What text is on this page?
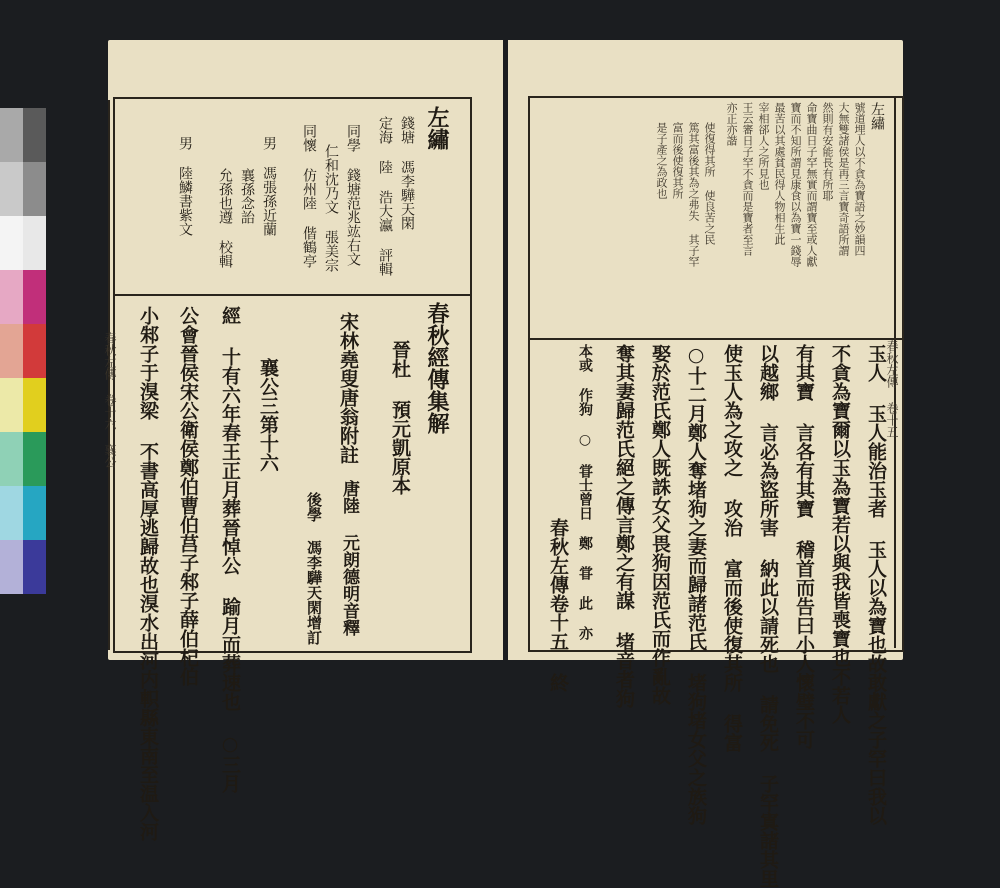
左繡
錢塘 馮李驊天閑
定海 陸 浩大瀛 評輯
同學 錢塘范兆竑右文
仁和沈乃文 張美宗
同懷 仿州陸 偕鶴亭
男 馮張孫近蘭
襄孫念詒
允孫也遵 校輯
男 陸鱗書紫文
春秋經傳集解
晉杜 預元凱原本
宋林堯叟唐翁附註
後學 馮李驊天閑增訂 唐陸 元朗德明音釋
襄公三第十六
經 十有六年春王正月葬晉悼公 踰月而葬速也 ○三月
公會晉侯宋公衛侯鄭伯曹伯莒子邾子薛伯杞伯
小邾子于湨梁 不書高厚逃歸故也湨水出河内軹縣東南至温入河
春秋左傳 卷十六 襄公
左繡
號道埋人以不貪為寶語之妙韻四
大無雙諸侯是再三言寶奇語所謂
然則有安能長有所耶
命寶曲日子罕無實而謂寶至或人獻
寶而不知所謂見康食以為寶一錢辱
最苦以其處貧民得人物相生此
宰相郤人之所見也
王云審日子罕不貪而是寶者至言
亦正亦諧
使復得其所 使良苦之民
篤其富後其為之弗失 其子罕
富而後使復其所
是子產之為政也
玉人 玉人能治玉者 玉人以為寶也故敢獻之子罕曰我以
不貪為寶爾以玉為寶若以與我皆喪寶也不若人
有其寶 言各有其寶 稽首而告曰小人懷璧不可
以越鄉 言必為盜所害 納此以請死也 請免死 子罕寘諸其里
使玉人為之攻之 攻治 富而後使復其所 得富
○十二月鄭人奪堵狗之妻而歸諸范氏 堵狗堵女父之族狗
娶於范氏鄭人既誅女父畏狗因范氏而作亂故
奪其妻歸范氏絕之傳言鄭之有謀 堵音者狗
本或 作狗 ○ 甞士曾日 鄭 甞 此 亦
春秋左傳卷十五 終
春秋左傳 卷十五
